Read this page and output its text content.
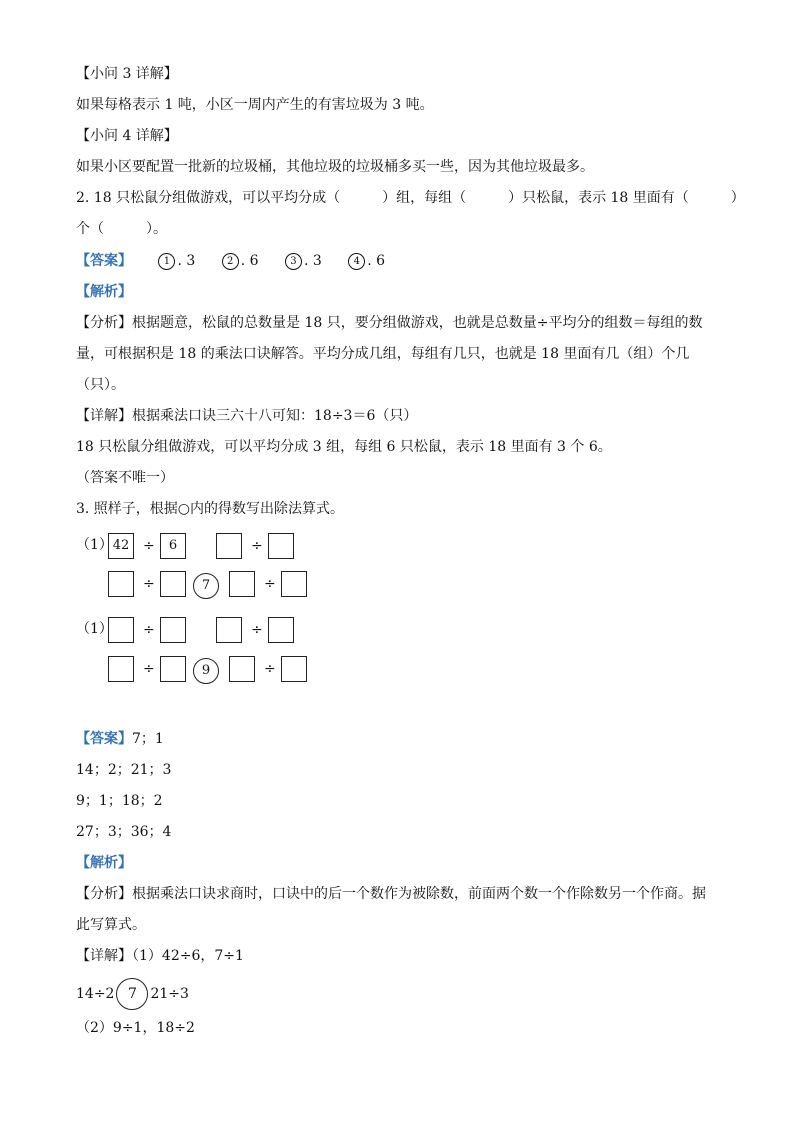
【小问 3 详解】
如果每格表示 1 吨，小区一周内产生的有害垃圾为 3 吨。
【小问 4 详解】
如果小区要配置一批新的垃圾桶，其他垃圾的垃圾桶多买一些，因为其他垃圾最多。
2. 18 只松鼠分组做游戏，可以平均分成（　　　）组，每组（　　　）只松鼠，表示 18 里面有（　　　）
个（　　　）。
【答案】	1 . 3	2 . 6	3 . 3	4 . 6
【解析】
【分析】根据题意，松鼠的总数量是 18 只，要分组做游戏，也就是总数量÷平均分的组数＝每组的数
量，可根据积是 18 的乘法口诀解答。平均分成几组，每组有几只，也就是 18 里面有几（组）个几
（只）。
【详解】根据乘法口诀三六十八可知：18÷3＝6（只）
18 只松鼠分组做游戏，可以平均分成 3 组，每组 6 只松鼠，表示 18 里面有 3 个 6。
（答案不唯一）
3. 照样子，根据○内的得数写出除法算式。
（1） 42 ÷	6	÷
÷	7	÷
（1） ÷	÷
÷	9	÷
【答案】7；1
14；2；21；3
9；1；18；2
27；3；36；4
【解析】
【分析】根据乘法口诀求商时，口诀中的后一个数作为被除数，前面两个数一个作除数另一个作商。据
此写算式。
【详解】（1）42÷6，7÷1
14÷2 7 21÷3
（2）9÷1，18÷2
